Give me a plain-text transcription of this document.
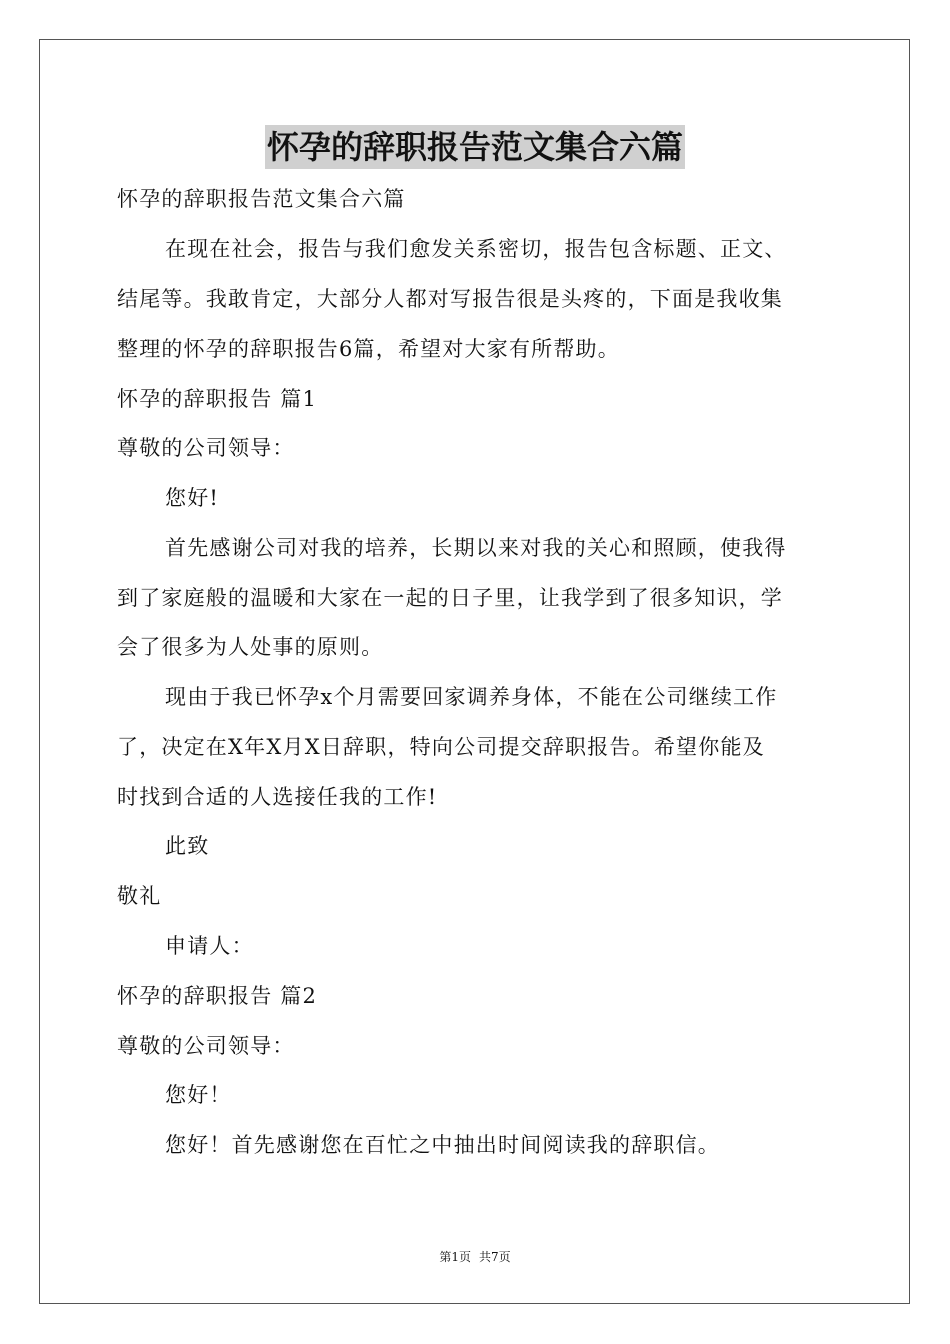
怀孕的辞职报告范文集合六篇
怀孕的辞职报告范文集合六篇
在现在社会，报告与我们愈发关系密切，报告包含标题、正文、
结尾等。我敢肯定，大部分人都对写报告很是头疼的，下面是我收集
整理的怀孕的辞职报告6篇，希望对大家有所帮助。
怀孕的辞职报告 篇1
尊敬的公司领导：
您好!
首先感谢公司对我的培养，长期以来对我的关心和照顾，使我得
到了家庭般的温暖和大家在一起的日子里，让我学到了很多知识，学
会了很多为人处事的原则。
现由于我已怀孕x个月需要回家调养身体，不能在公司继续工作
了，决定在X年X月X日辞职，特向公司提交辞职报告。希望你能及
时找到合适的人选接任我的工作!
此致
敬礼
申请人：
怀孕的辞职报告 篇2
尊敬的公司领导：
您好！
您好！首先感谢您在百忙之中抽出时间阅读我的辞职信。
第1页 共7页
